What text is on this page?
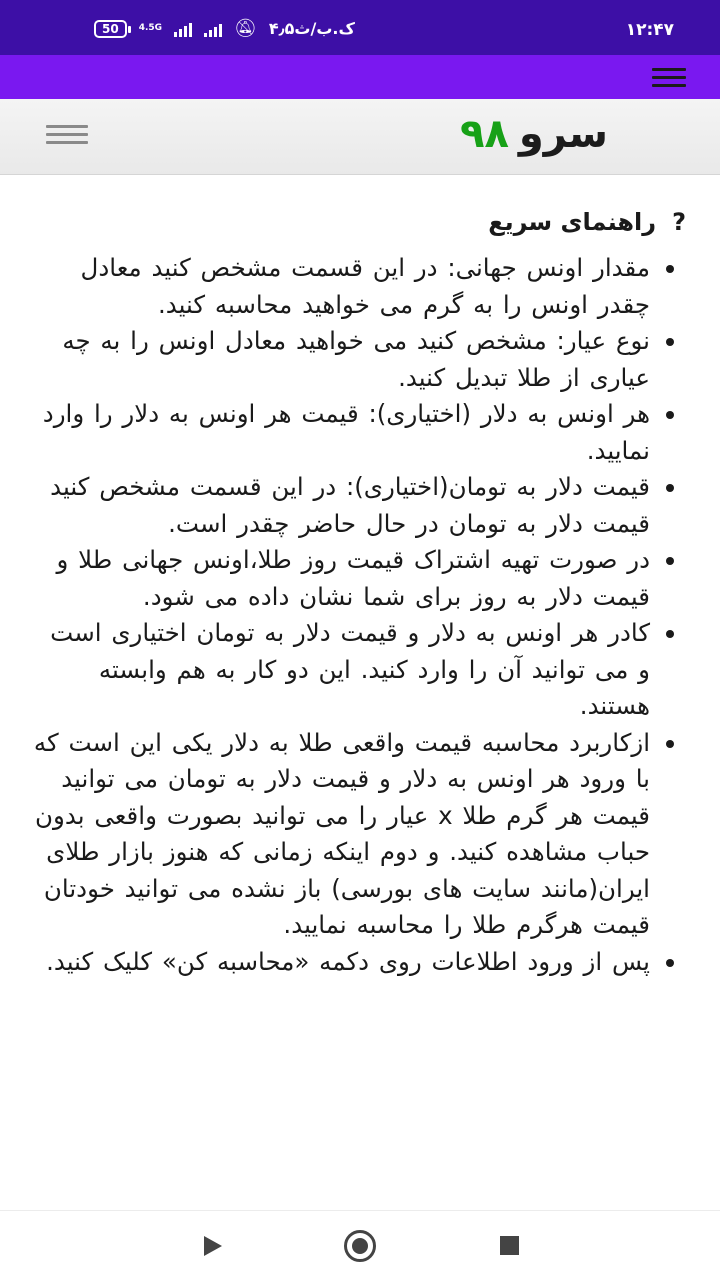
50	4.5G	🔕︎ ۴٫۵ک.ب/ث	۱۲:۴۷
سرو۹۸
?
راهنمای سریع
مقدار اونس جهانی: در این قسمت مشخص کنید معادل چقدر اونس را به گرم می خواهید محاسبه کنید.
نوع عیار: مشخص کنید می خواهید معادل اونس را به چه عیاری از طلا تبدیل کنید.
هر اونس به دلار (اختیاری): قیمت هر اونس به دلار را وارد نمایید.
قیمت دلار به تومان(اختیاری): در این قسمت مشخص کنید قیمت دلار به تومان در حال حاضر چقدر است.
در صورت تهیه اشتراک قیمت روز طلا،اونس جهانی طلا و قیمت دلار به روز برای شما نشان داده می شود.
کادر هر اونس به دلار و قیمت دلار به تومان اختیاری است و می توانید آن را وارد کنید. این دو کار به هم وابسته هستند.
ازکاربرد محاسبه قیمت واقعی طلا به دلار یکی این است که با ورود هر اونس به دلار و قیمت دلار به تومان می توانید قیمت هر گرم طلا x عیار را می توانید بصورت واقعی بدون حباب مشاهده کنید. و دوم اینکه زمانی که هنوز بازار طلای ایران(مانند سایت های بورسی) باز نشده می توانید خودتان قیمت هرگرم طلا را محاسبه نمایید.
پس از ورود اطلاعات روی دکمه «محاسبه کن» کلیک کنید.
